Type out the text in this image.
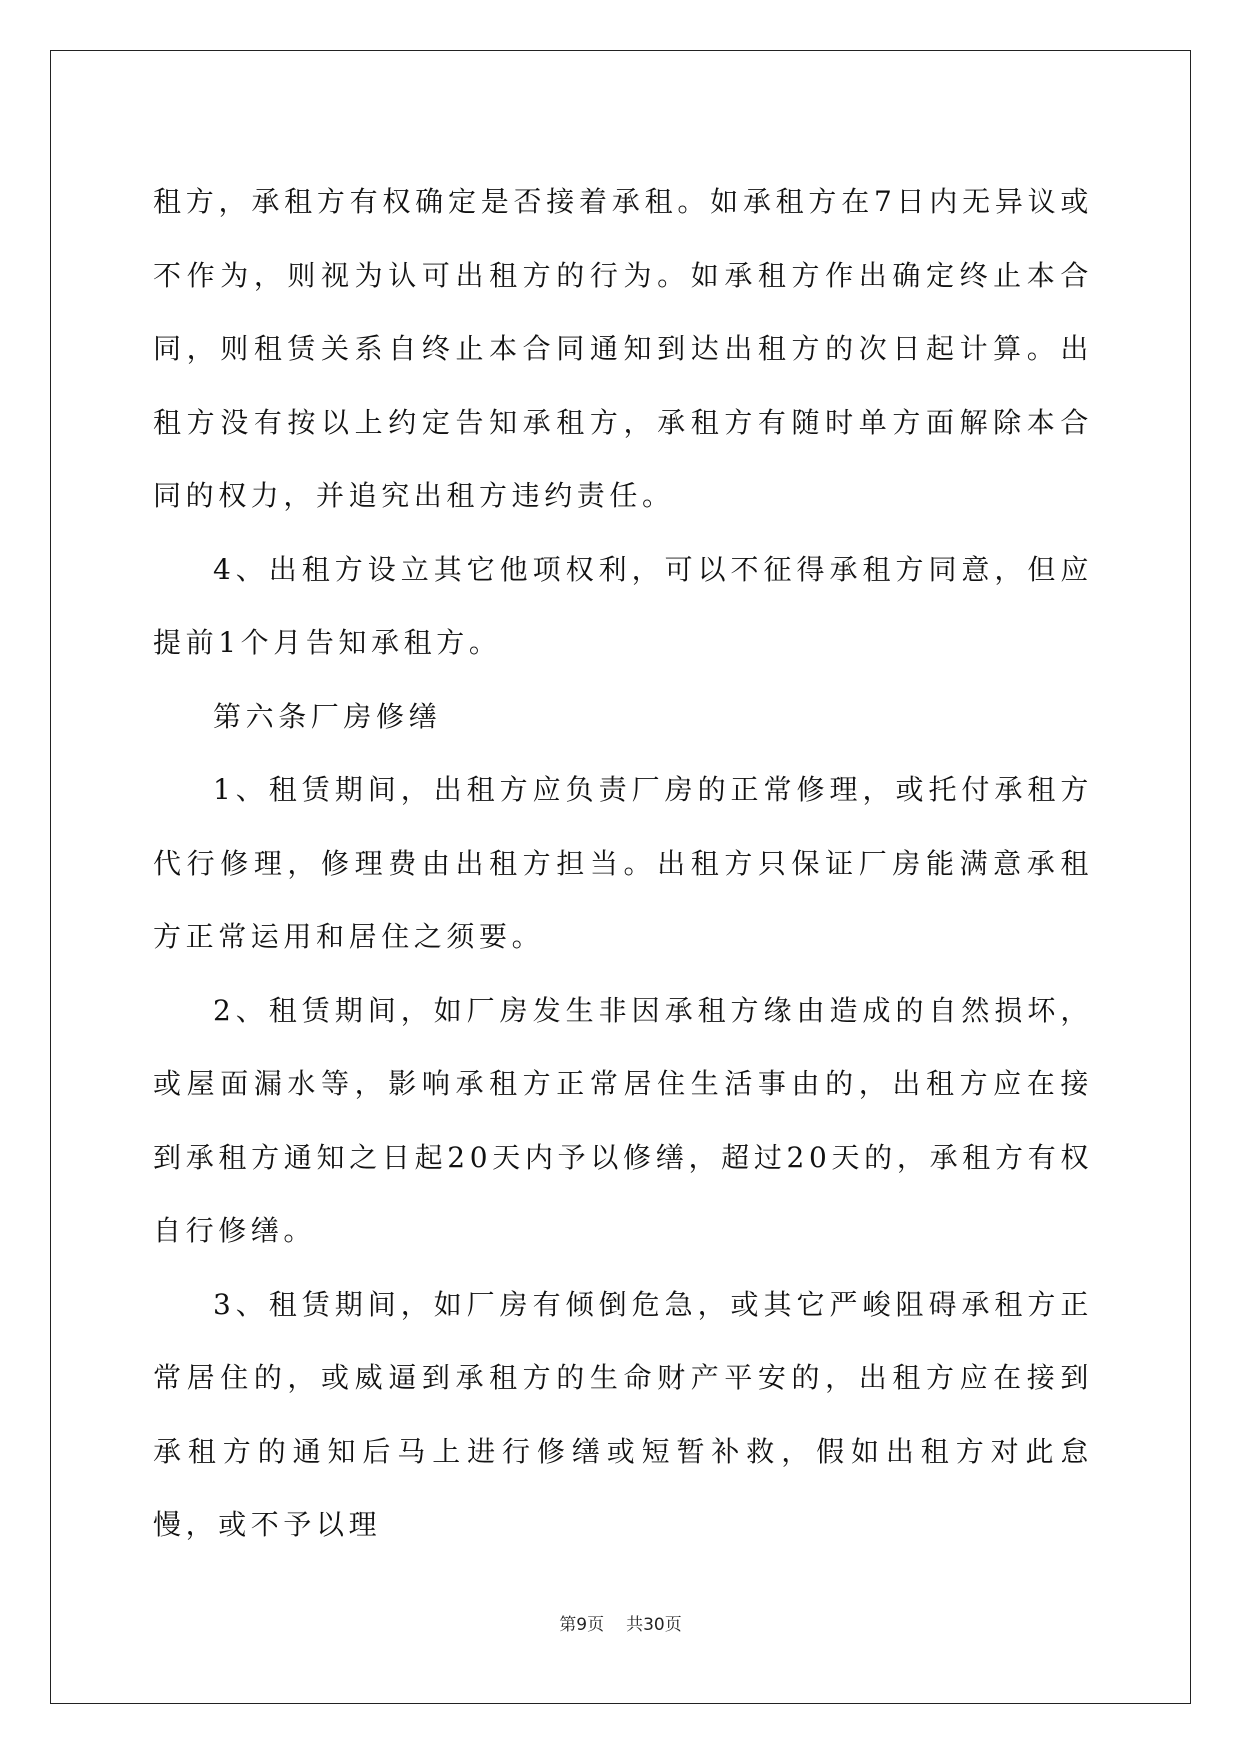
租方，承租方有权确定是否接着承租。如承租方在7日内无异议或不作为，则视为认可出租方的行为。如承租方作出确定终止本合同，则租赁关系自终止本合同通知到达出租方的次日起计算。出租方没有按以上约定告知承租方，承租方有随时单方面解除本合同的权力，并追究出租方违约责任。

4、出租方设立其它他项权利，可以不征得承租方同意，但应提前1个月告知承租方。

第六条厂房修缮

1、租赁期间，出租方应负责厂房的正常修理，或托付承租方代行修理，修理费由出租方担当。出租方只保证厂房能满意承租方正常运用和居住之须要。

2、租赁期间，如厂房发生非因承租方缘由造成的自然损坏，或屋面漏水等，影响承租方正常居住生活事由的，出租方应在接到承租方通知之日起20天内予以修缮，超过20天的，承租方有权自行修缮。

3、租赁期间，如厂房有倾倒危急，或其它严峻阻碍承租方正常居住的，或威逼到承租方的生命财产平安的，出租方应在接到承租方的通知后马上进行修缮或短暂补救，假如出租方对此怠慢，或不予以理

第9页 共30页
